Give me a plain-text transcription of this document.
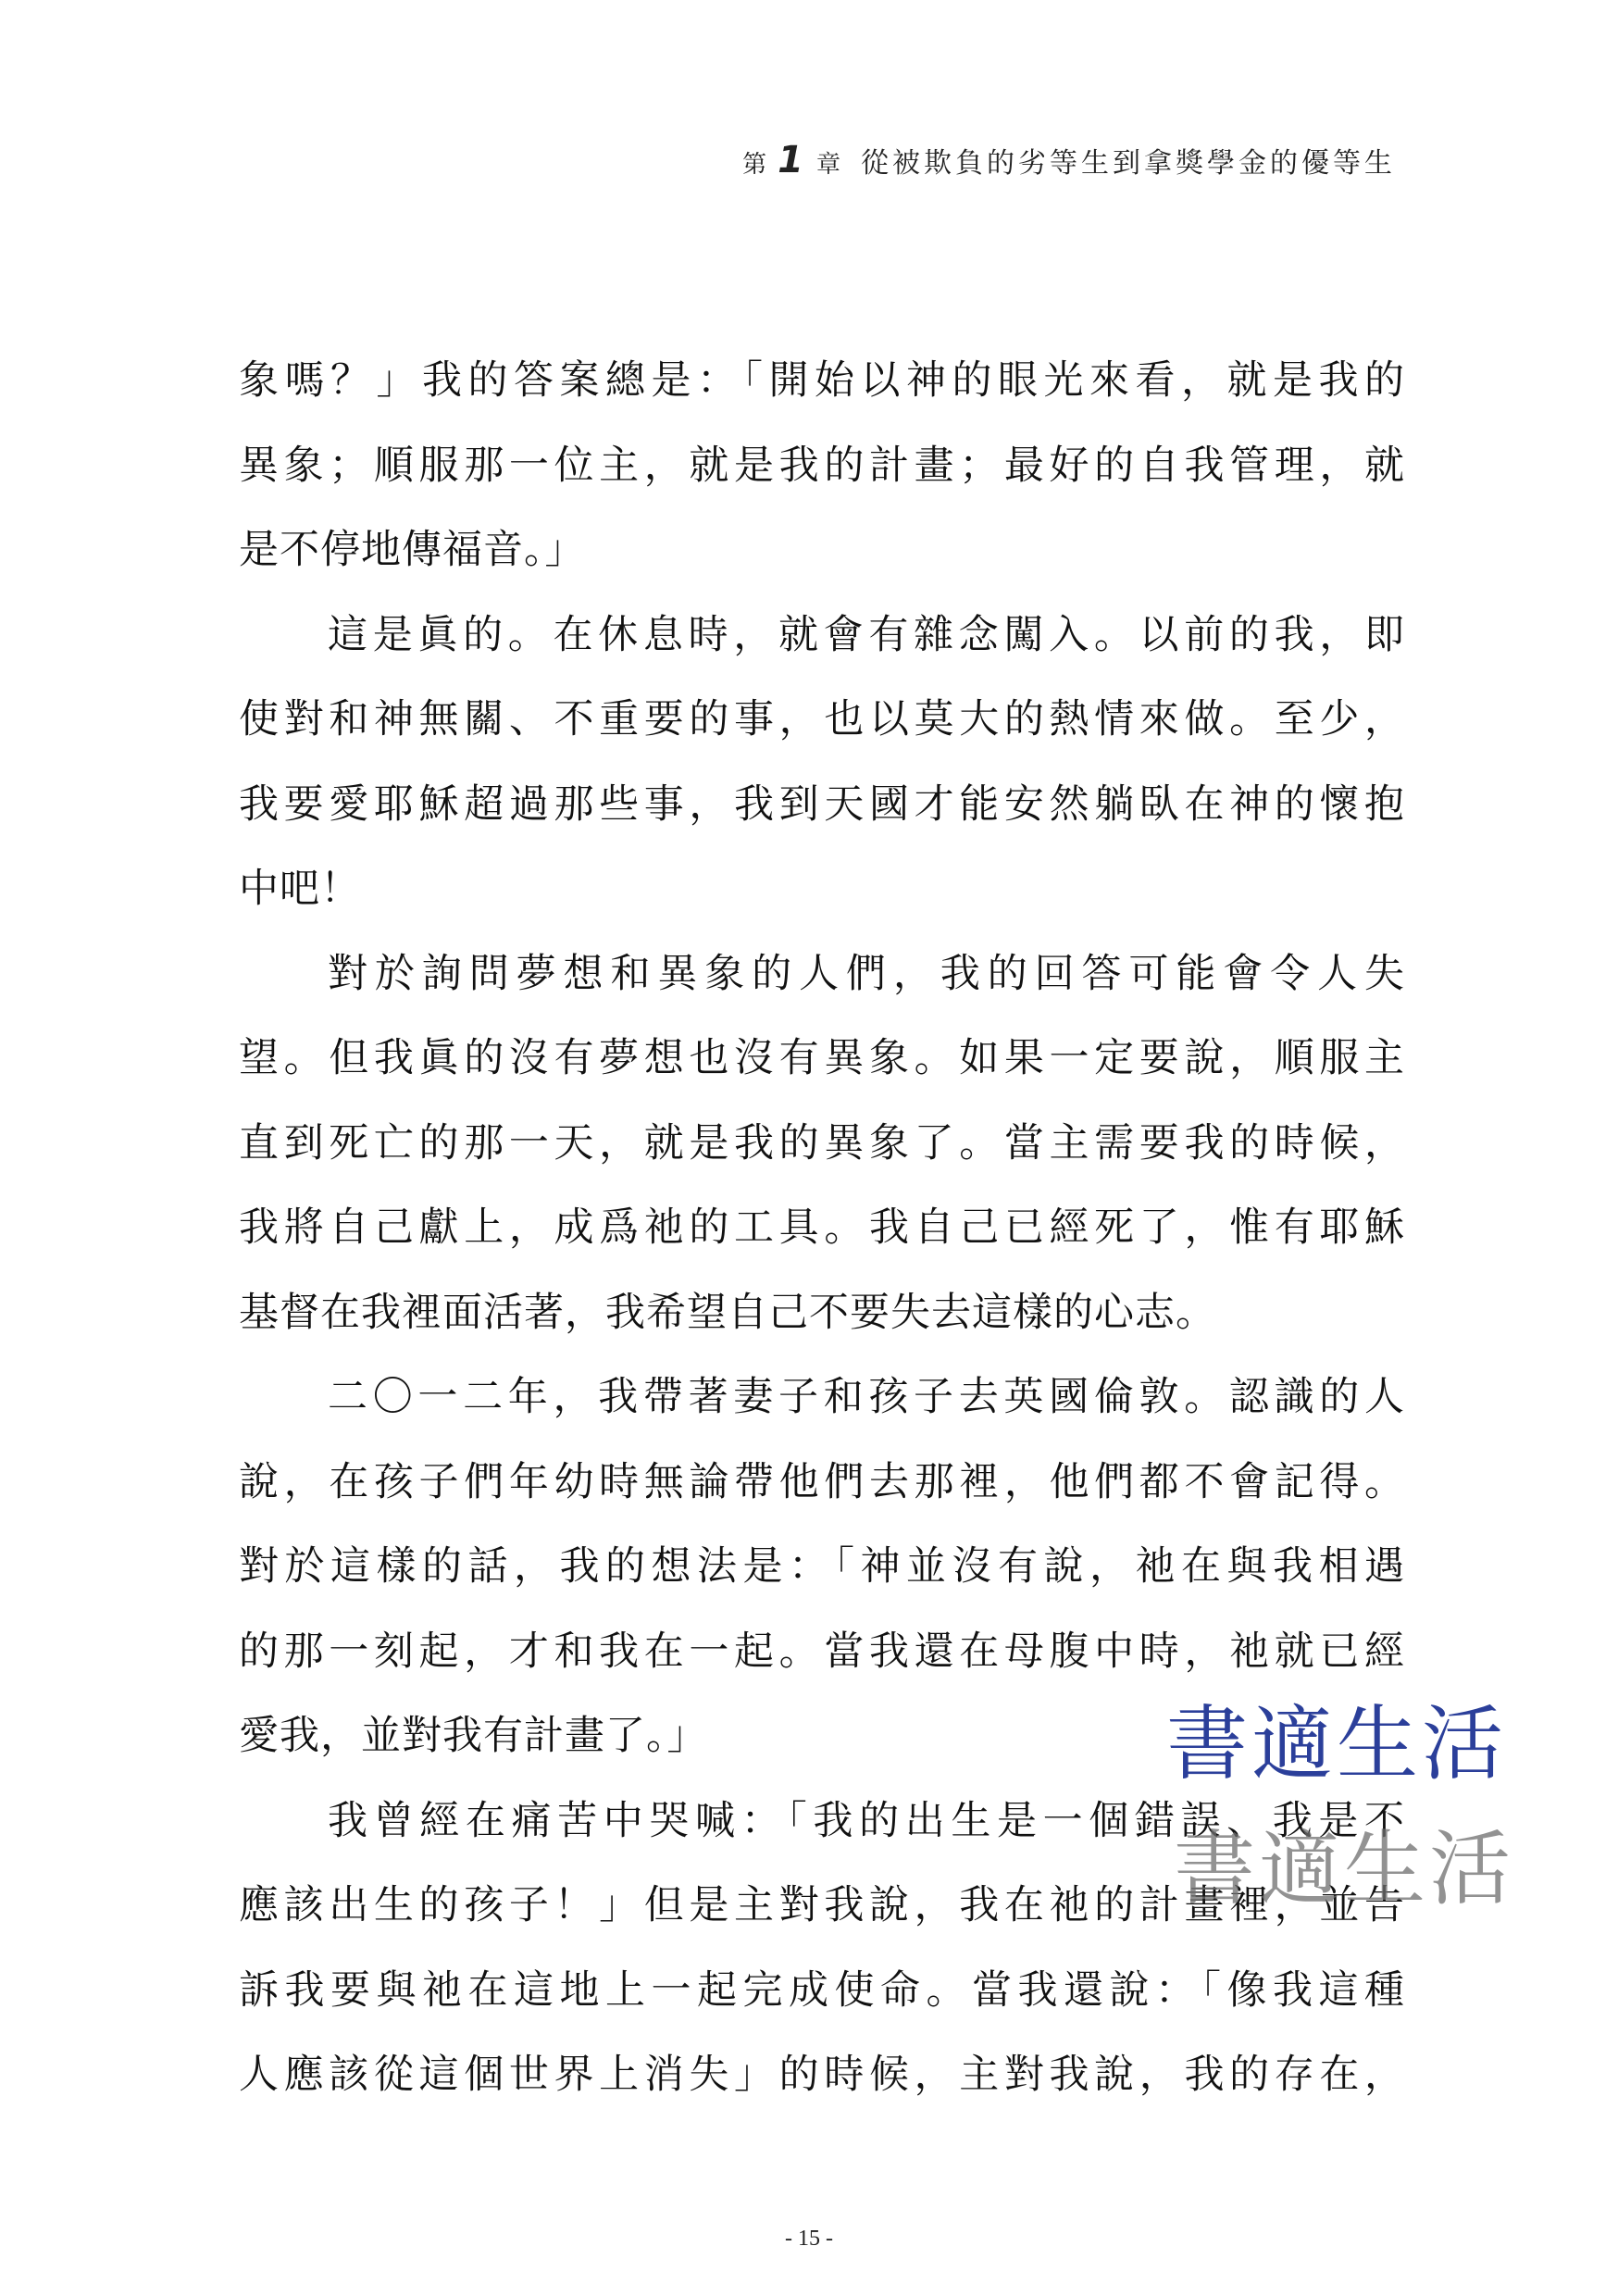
第 1 章 從被欺負的劣等生到拿獎學金的優等生
象嗎？」我的答案總是：「開始以神的眼光來看，就是我的
異象；順服那一位主，就是我的計畫；最好的自我管理，就
是不停地傳福音。」
這是眞的。在休息時，就會有雜念闖入。以前的我，即
使對和神無關、不重要的事，也以莫大的熱情來做。至少，
我要愛耶穌超過那些事，我到天國才能安然躺臥在神的懷抱
中吧！
對於詢問夢想和異象的人們，我的回答可能會令人失
望。但我眞的沒有夢想也沒有異象。如果一定要說，順服主
直到死亡的那一天，就是我的異象了。當主需要我的時候，
我將自己獻上，成爲祂的工具。我自己已經死了，惟有耶穌
基督在我裡面活著，我希望自己不要失去這樣的心志。
二〇一二年，我帶著妻子和孩子去英國倫敦。認識的人
說，在孩子們年幼時無論帶他們去那裡，他們都不會記得。
對於這樣的話，我的想法是：「神並沒有說，祂在與我相遇
的那一刻起，才和我在一起。當我還在母腹中時，祂就已經
愛我，並對我有計畫了。」
我曾經在痛苦中哭喊：「我的出生是一個錯誤、我是不
應該出生的孩子！」但是主對我說，我在祂的計畫裡，並告
訴我要與祂在這地上一起完成使命。當我還說：「像我這種
人應該從這個世界上消失」的時候，主對我說，我的存在，
書適生活
書適生活
- 15 -
